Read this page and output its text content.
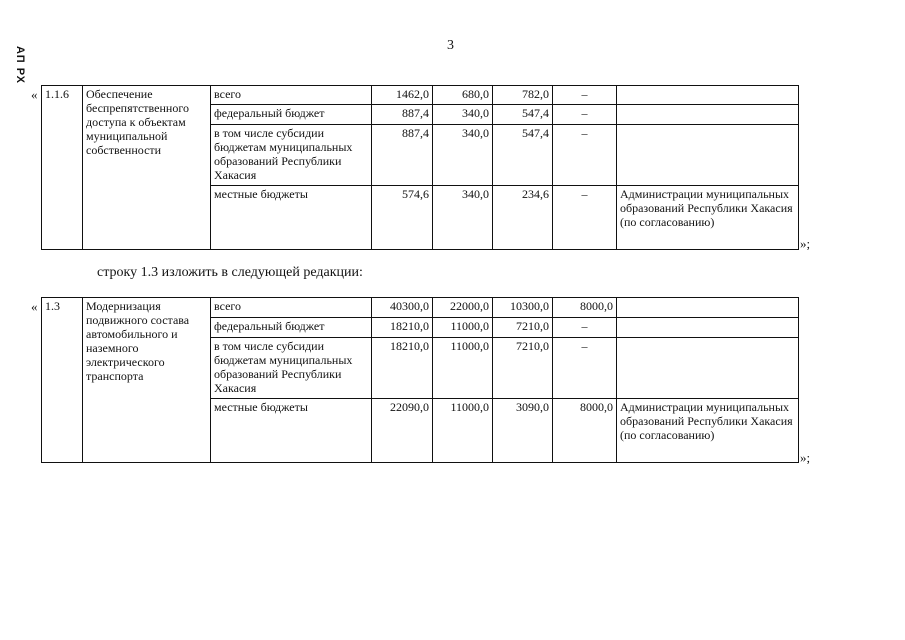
АП РХ
3
« 1.1.6	Обеспечение беспрепятственного доступа к объектам муниципальной собственности	всего	1462,0	680,0	782,0	–	
		федеральный бюджет	887,4	340,0	547,4	–	
		в том числе субсидии бюджетам муниципальных образований Республики Хакасия	887,4	340,0	547,4	–	
		местные бюджеты	574,6	340,0	234,6	–	Администрации муниципальных образований Республики Хакасия (по согласованию)
»;
строку 1.3 изложить в следующей редакции:
« 1.3	Модернизация подвижного состава автомобильного и наземного электрического транспорта	всего	40300,0	22000,0	10300,0	8000,0	
		федеральный бюджет	18210,0	11000,0	7210,0	–	
		в том числе субсидии бюджетам муниципальных образований Республики Хакасия	18210,0	11000,0	7210,0	–	
		местные бюджеты	22090,0	11000,0	3090,0	8000,0	Администрации муниципальных образований Республики Хакасия (по согласованию)
»;
